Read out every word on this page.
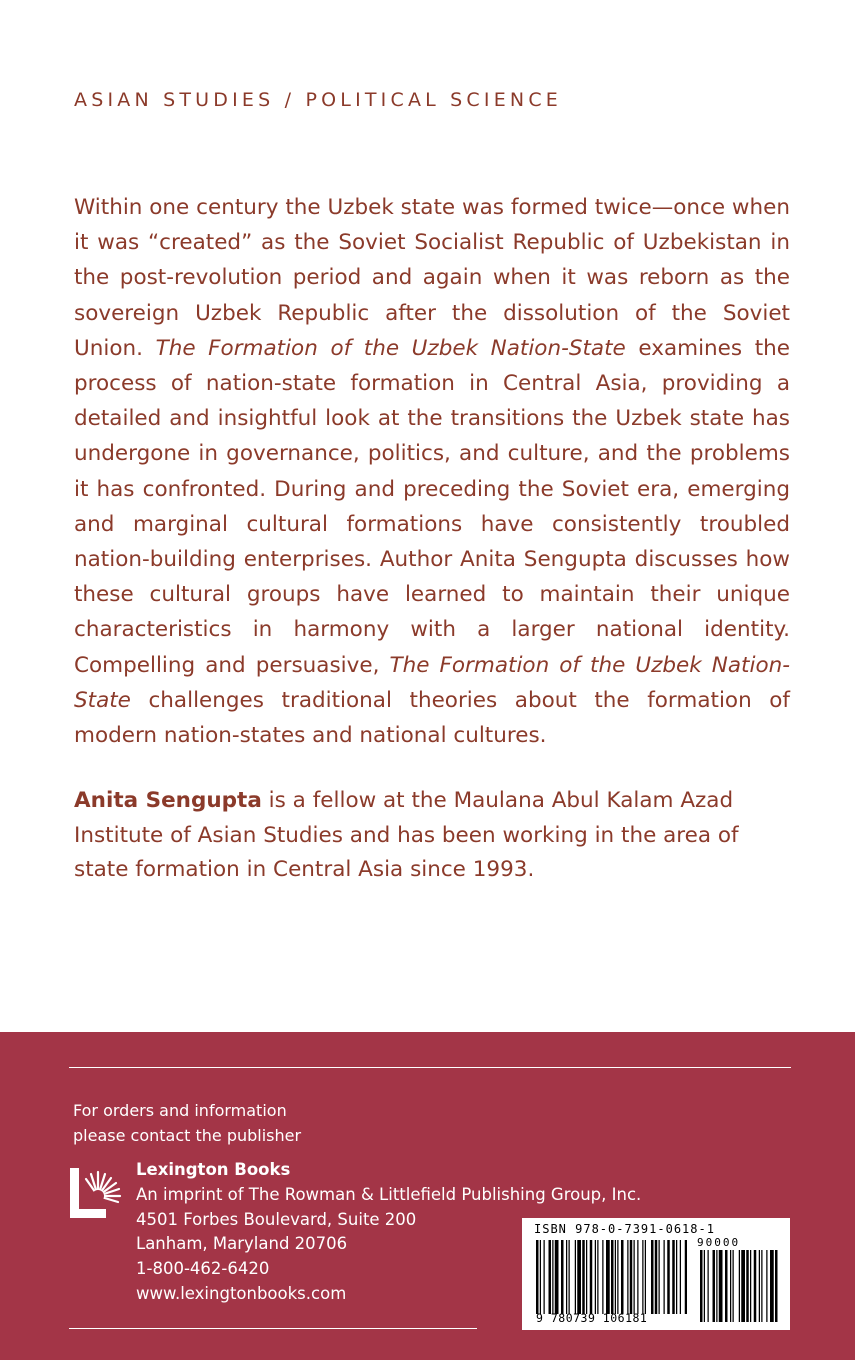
ASIAN STUDIES / POLITICAL SCIENCE

Within one century the Uzbek state was formed twice—once when it was “created” as the Soviet Socialist Republic of Uzbekistan in the post-revolution period and again when it was reborn as the sovereign Uzbek Republic after the dissolution of the Soviet Union. The Formation of the Uzbek Nation-State examines the process of nation-state formation in Central Asia, providing a detailed and insightful look at the transitions the Uzbek state has undergone in governance, politics, and culture, and the problems it has confronted. During and preceding the Soviet era, emerging and marginal cultural formations have consistently troubled nation-building enterprises. Author Anita Sengupta discusses how these cultural groups have learned to maintain their unique characteristics in harmony with a larger national identity. Compelling and persuasive, The Formation of the Uzbek Nation-State challenges traditional theories about the formation of modern nation-states and national cultures.

Anita Sengupta is a fellow at the Maulana Abul Kalam Azad Institute of Asian Studies and has been working in the area of state formation in Central Asia since 1993.

For orders and information
please contact the publisher
Lexington Books
An imprint of The Rowman & Littlefield Publishing Group, Inc.
4501 Forbes Boulevard, Suite 200
Lanham, Maryland 20706
1-800-462-6420
www.lexingtonbooks.com
ISBN 978-0-7391-0618-1
90000
9 780739 106181
